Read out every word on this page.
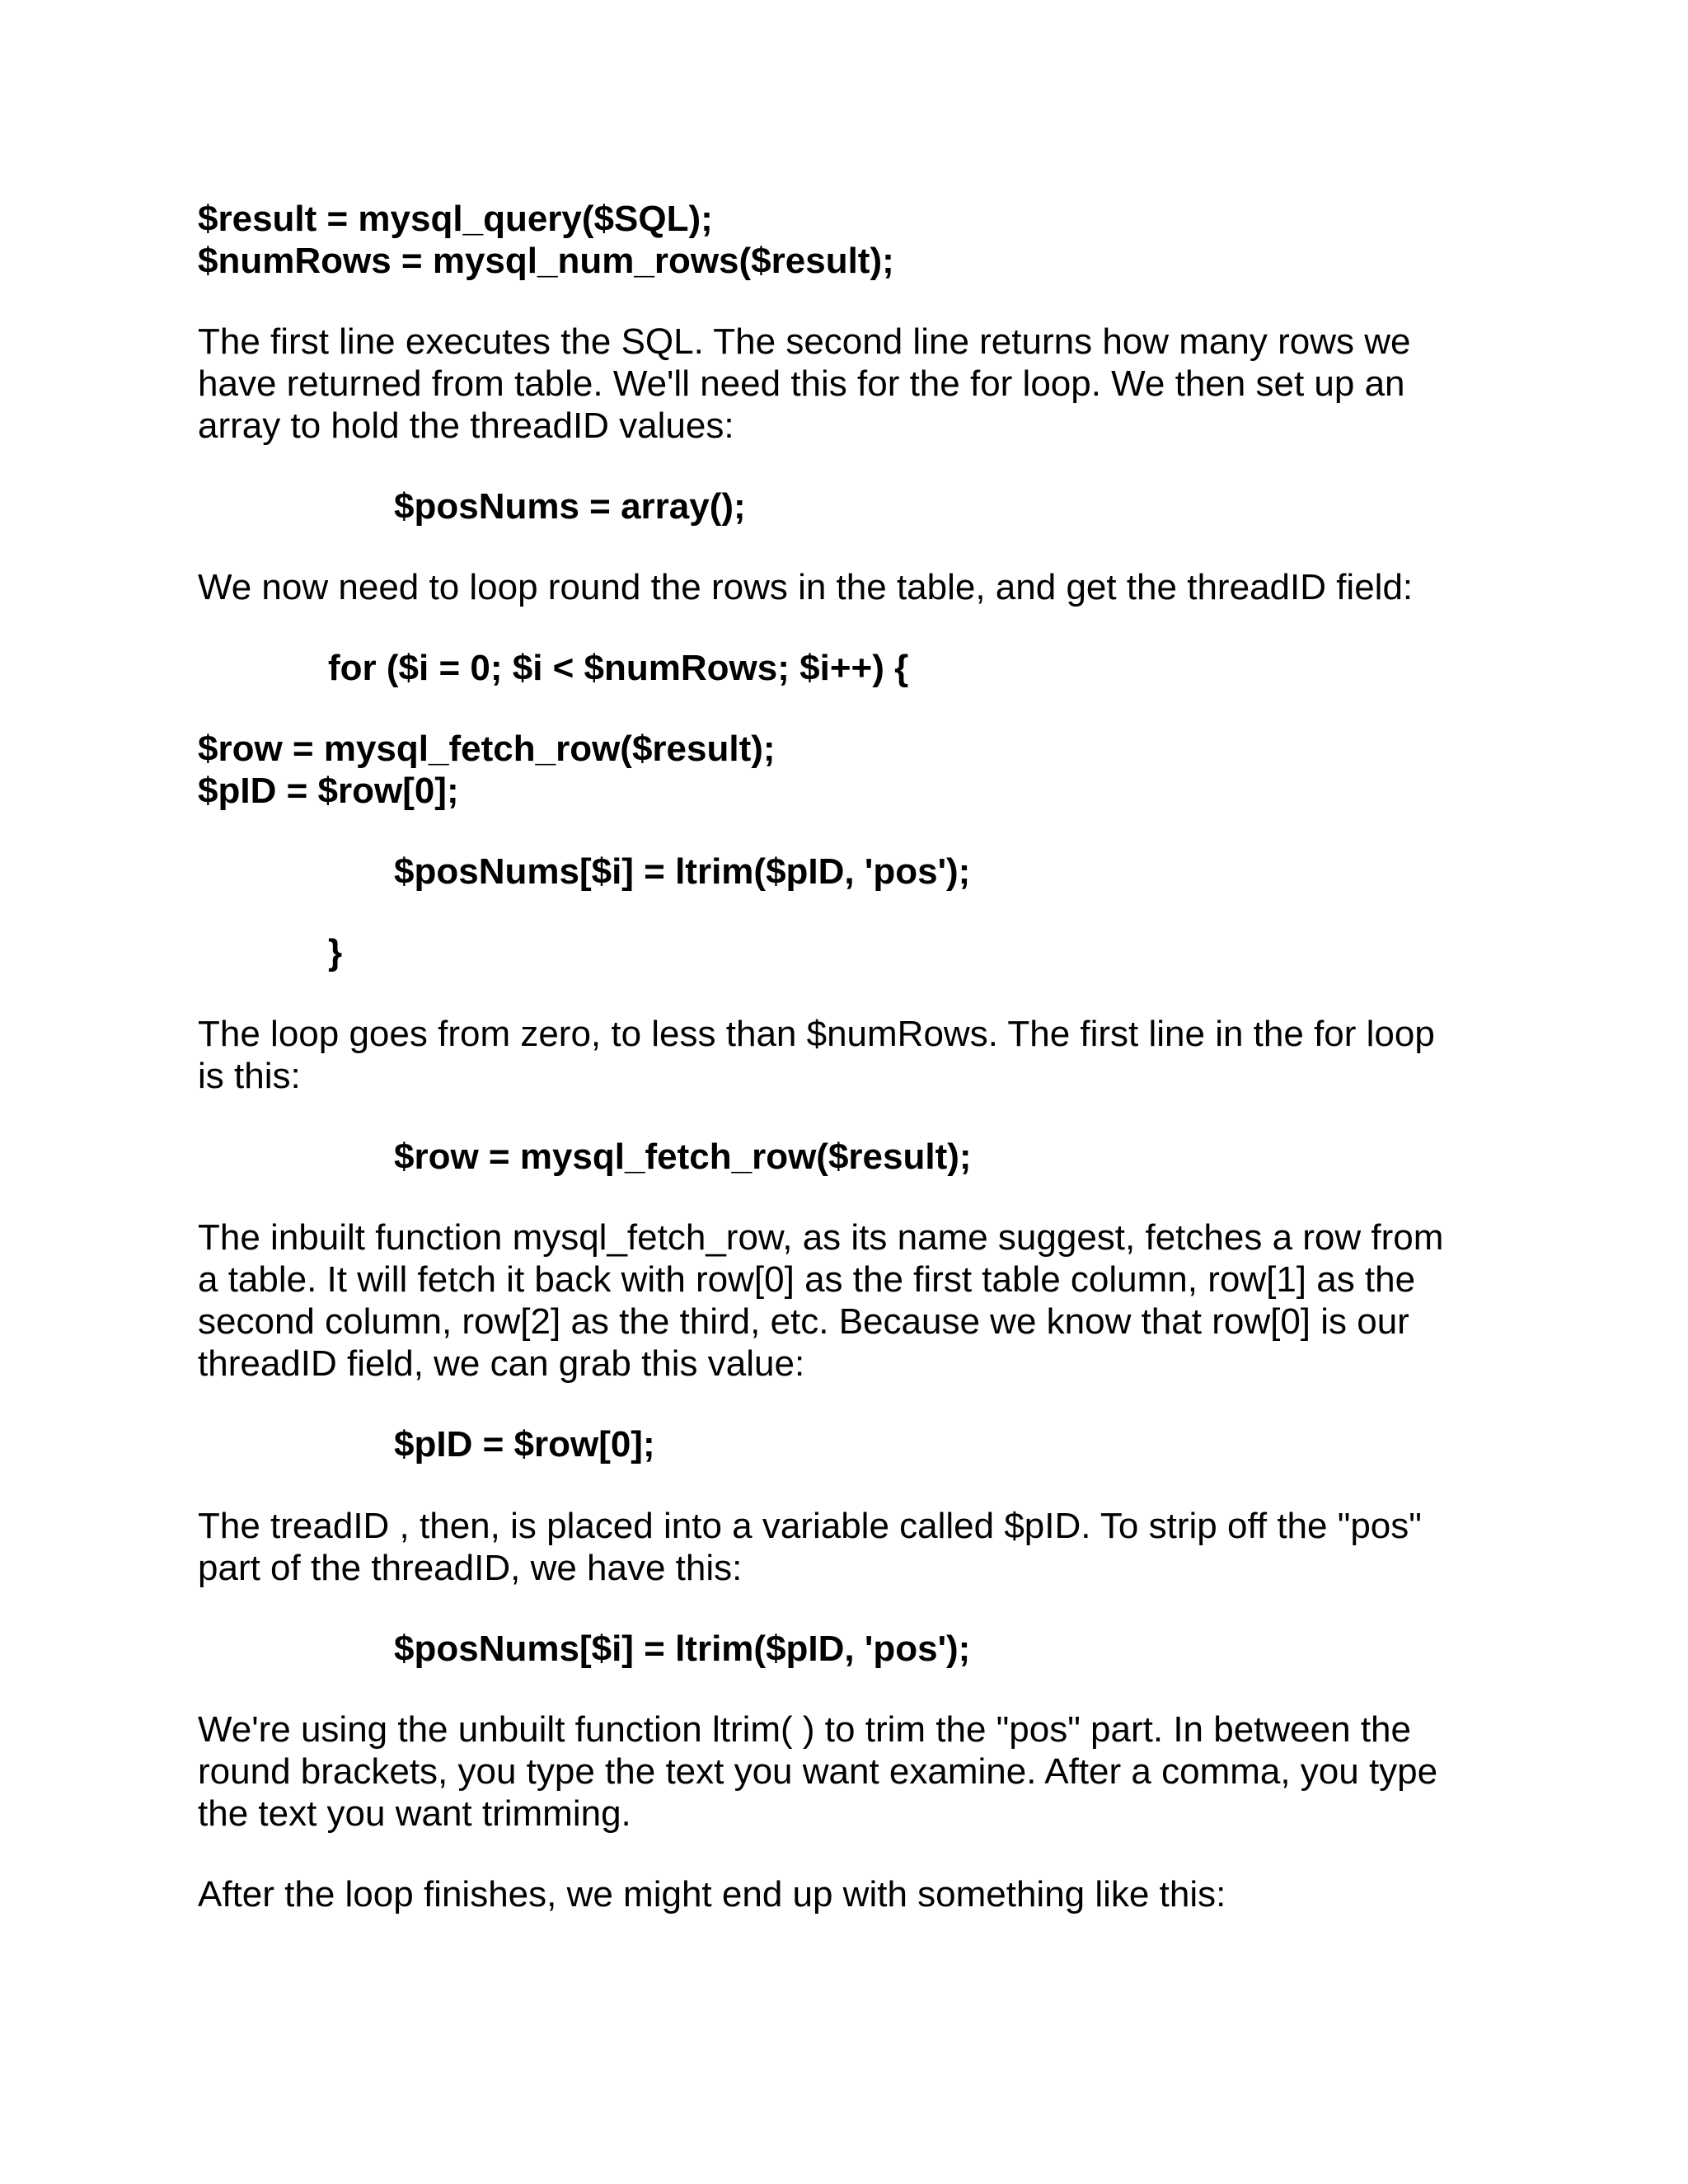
$result = mysql_query($SQL);

$numRows = mysql_num_rows($result);

The first line executes the SQL. The second line returns how many rows we

have returned from table. We'll need this for the for loop. We then set up an

array to hold the threadID values:

$posNums = array();

We now need to loop round the rows in the table, and get the threadID field:

for ($i = 0; $i < $numRows; $i++) {

$row = mysql_fetch_row($result);

$pID = $row[0];

$posNums[$i] = ltrim($pID, 'pos');

}

The loop goes from zero, to less than $numRows. The first line in the for loop

is this:

$row = mysql_fetch_row($result);

The inbuilt function mysql_fetch_row, as its name suggest, fetches a row from

a table. It will fetch it back with row[0] as the first table column, row[1] as the

second column, row[2] as the third, etc. Because we know that row[0] is our

threadID field, we can grab this value:

$pID = $row[0];

The treadID , then, is placed into a variable called $pID. To strip off the "pos"

part of the threadID, we have this:

$posNums[$i] = ltrim($pID, 'pos');

We're using the unbuilt function ltrim( ) to trim the "pos" part. In between the

round brackets, you type the text you want examine. After a comma, you type

the text you want trimming.

After the loop finishes, we might end up with something like this:
